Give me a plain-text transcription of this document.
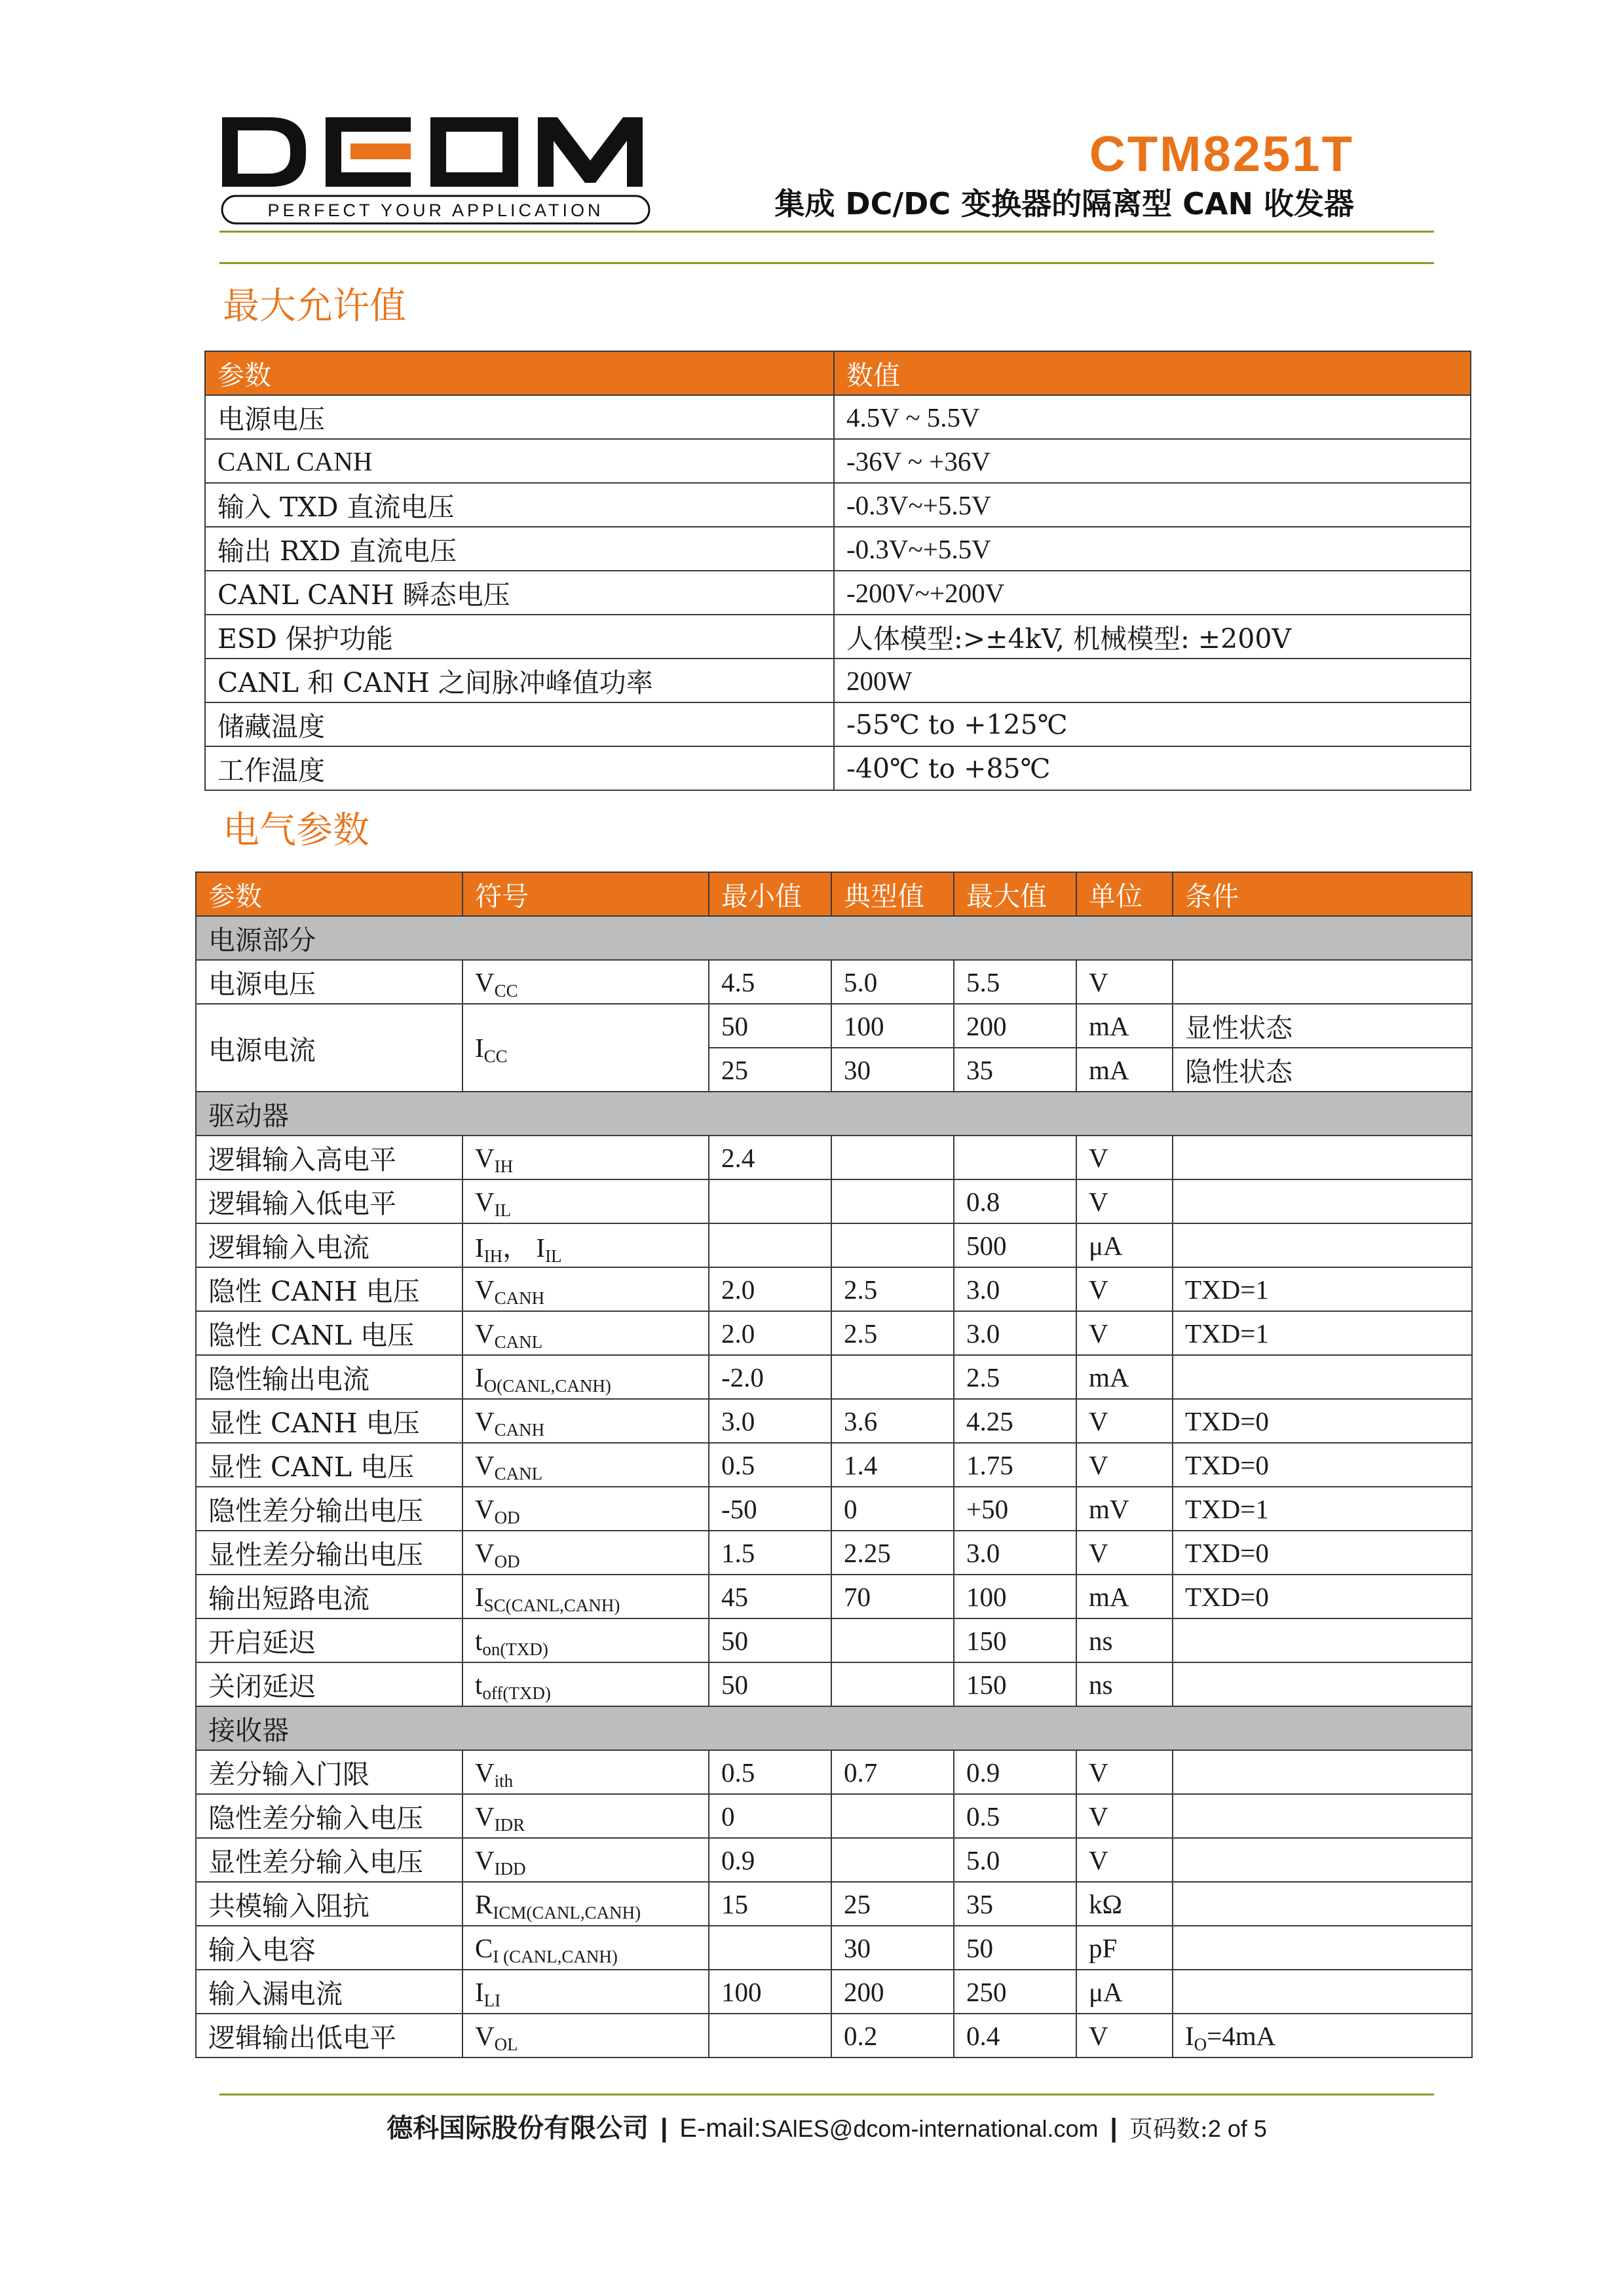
PERFECT YOUR APPLICATION
CTM8251T
集成 DC/DC 变换器的隔离型 CAN 收发器
最大允许值
参数	数值
电源电压	4.5V ~ 5.5V
CANL CANH	-36V ~ +36V
输入 TXD 直流电压	-0.3V~+5.5V
输出 RXD 直流电压	-0.3V~+5.5V
CANL CANH 瞬态电压	-200V~+200V
ESD 保护功能	人体模型:>±4kV, 机械模型: ±200V
CANL 和 CANH 之间脉冲峰值功率	200W
储藏温度	-55℃ to +125℃
工作温度	-40℃ to +85℃
电气参数
参数	符号	最小值	典型值	最大值	单位	条件
电源部分						
电源电压	$V_{CC}$	4.5	5.0	5.5	V	
电源电流	$I_{CC}$	50	100	200	mA	显性状态
		25	30	35	mA	隐性状态
驱动器						
逻辑输入高电平	$V_{IH}$	2.4			V	
逻辑输入低电平	$V_{IL}$			0.8	V	
逻辑输入电流	$I_{IH}$， $I_{IL}$			500	μA	
隐性 CANH 电压	$V_{CANH}$	2.0	2.5	3.0	V	TXD=1
隐性 CANL 电压	$V_{CANL}$	2.0	2.5	3.0	V	TXD=1
隐性输出电流	$I_{O(CANL,CANH)}$	-2.0		2.5	mA	
显性 CANH 电压	$V_{CANH}$	3.0	3.6	4.25	V	TXD=0
显性 CANL 电压	$V_{CANL}$	0.5	1.4	1.75	V	TXD=0
隐性差分输出电压	$V_{OD}$	-50	0	+50	mV	TXD=1
显性差分输出电压	$V_{OD}$	1.5	2.25	3.0	V	TXD=0
输出短路电流	$I_{SC(CANL,CANH)}$	45	70	100	mA	TXD=0
开启延迟	$t_{on(TXD)}$	50		150	ns	
关闭延迟	$t_{off(TXD)}$	50		150	ns	
接收器						
差分输入门限	$V_{ith}$	0.5	0.7	0.9	V	
隐性差分输入电压	$V_{IDR}$	0		0.5	V	
显性差分输入电压	$V_{IDD}$	0.9		5.0	V	
共模输入阻抗	$R_{ICM(CANL,CANH)}$	15	25	35	kΩ	
输入电容	$C_{I (CANL,CANH)}$		30	50	pF	
输入漏电流	$I_{LI}$	100	200	250	μA	
逻辑输出低电平	$V_{OL}$		0.2	0.4	V	$I_O=4mA$
德科国际股份有限公司 | E-mail:SAlES@dcom-international.com | 页码数:2 of 5
